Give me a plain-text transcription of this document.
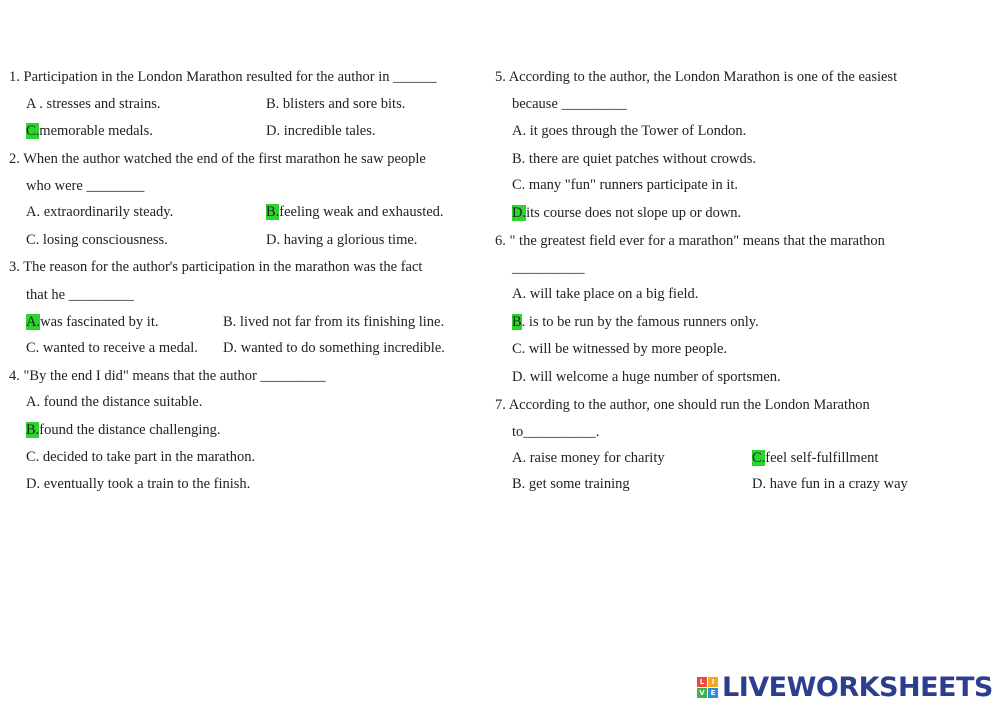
1. Participation in the London Marathon resulted for the author in ______
A . stresses and strains.	B. blisters and sore bits.
C.memorable medals.	D. incredible tales.
2. When the author watched the end of the first marathon he saw people
who were ________
A. extraordinarily steady.	B.feeling weak and exhausted.
C. losing consciousness.	D. having a glorious time.
3. The reason for the author's participation in the marathon was the fact
that he _________
A.was fascinated by it.	B. lived not far from its finishing line.
C. wanted to receive a medal. D. wanted to do something incredible.
4. "By the end I did" means that the author _________
A. found the distance suitable.
B.found the distance challenging.
C. decided to take part in the marathon.
D. eventually took a train to the finish.
5. According to the author, the London Marathon is one of the easiest
because _________
A. it goes through the Tower of London.
B. there are quiet patches without crowds.
C. many "fun" runners participate in it.
D.its course does not slope up or down.
6. " the greatest field ever for a marathon" means that the marathon
__________
A. will take place on a big field.
B. is to be run by the famous runners only.
C. will be witnessed by more people.
D. will welcome a huge number of sportsmen.
7. According to the author, one should run the London Marathon
to__________.
A. raise money for charity	C.feel self-fulfillment
B. get some training	D. have fun in a crazy way
L	I
V E LIVEWORKSHEETS
